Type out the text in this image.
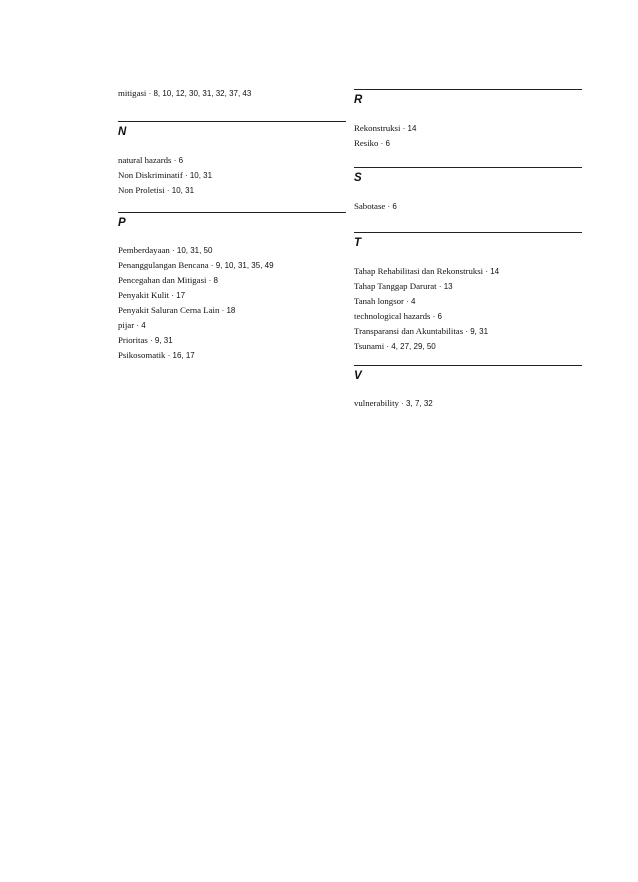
mitigasi · 8, 10, 12, 30, 31, 32, 37, 43
N
natural hazards · 6
Non Diskriminatif · 10, 31
Non Proletisi · 10, 31
P
Pemberdayaan · 10, 31, 50
Penanggulangan Bencana · 9, 10, 31, 35, 49
Pencegahan dan Mitigasi · 8
Penyakit Kulit · 17
Penyakit Saluran Cerna Lain · 18
pijar · 4
Prioritas · 9, 31
Psikosomatik · 16, 17
R
Rekonstruksi · 14
Resiko · 6
S
Sabotase · 6
T
Tahap Rehabilitasi dan Rekonstruksi · 14
Tahap Tanggap Darurat · 13
Tanah longsor · 4
technological hazards · 6
Transparansi dan Akuntabilitas · 9, 31
Tsunami · 4, 27, 29, 50
V
vulnerability · 3, 7, 32
